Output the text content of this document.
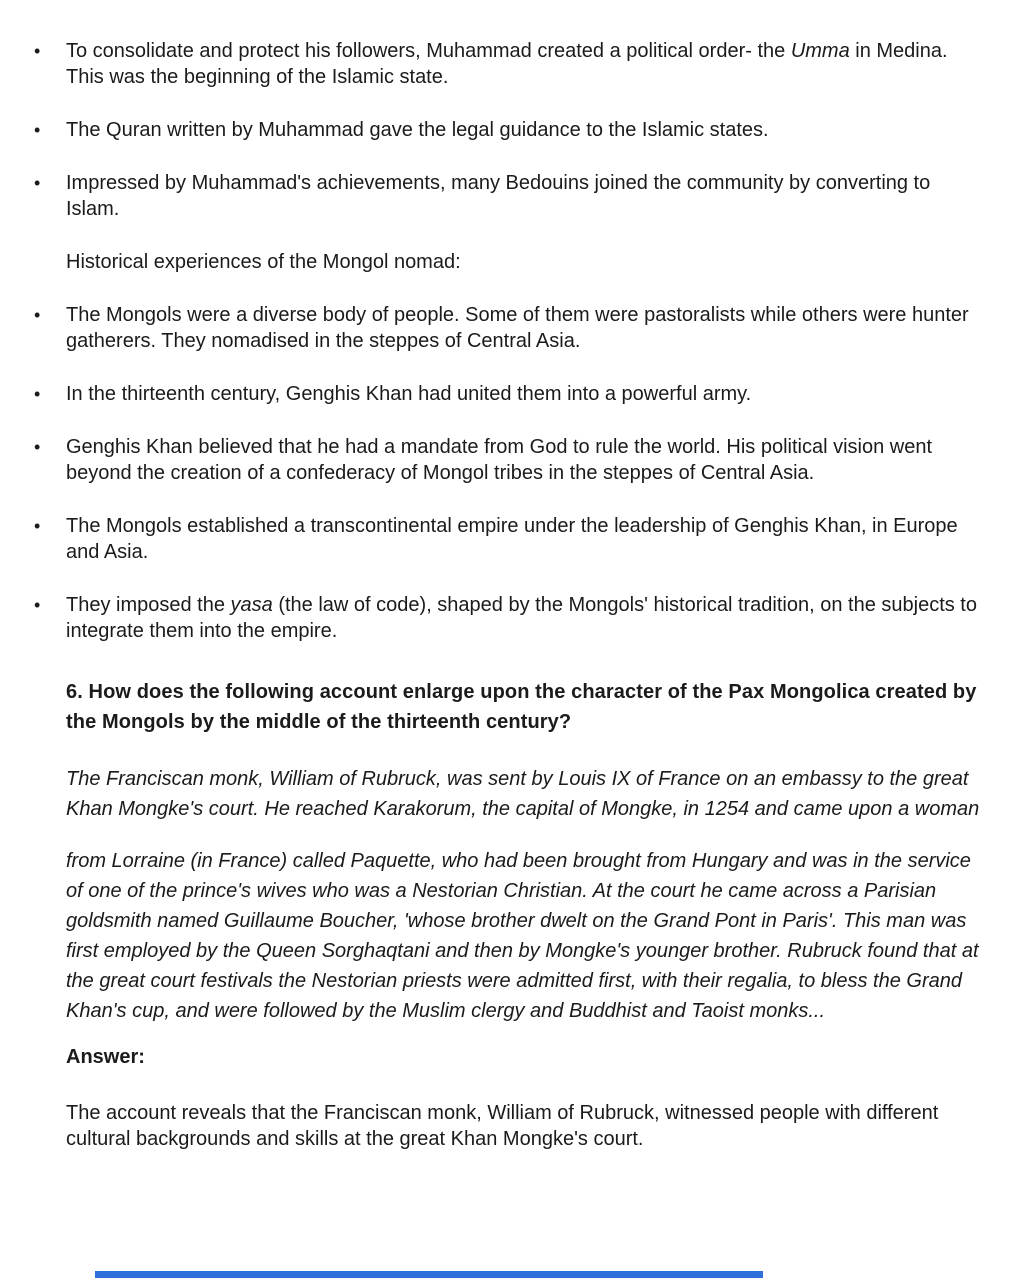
• To consolidate and protect his followers, Muhammad created a political order- the Umma in Medina. This was the beginning of the Islamic state.

• The Quran written by Muhammad gave the legal guidance to the Islamic states.

• Impressed by Muhammad's achievements, many Bedouins joined the community by converting to Islam.

Historical experiences of the Mongol nomad:

• The Mongols were a diverse body of people. Some of them were pastoralists while others were hunter gatherers. They nomadised in the steppes of Central Asia.

• In the thirteenth century, Genghis Khan had united them into a powerful army.

• Genghis Khan believed that he had a mandate from God to rule the world. His political vision went beyond the creation of a confederacy of Mongol tribes in the steppes of Central Asia.

• The Mongols established a transcontinental empire under the leadership of Genghis Khan, in Europe and Asia.

• They imposed the yasa (the law of code), shaped by the Mongols' historical tradition, on the subjects to integrate them into the empire.

6. How does the following account enlarge upon the character of the Pax Mongolica created by the Mongols by the middle of the thirteenth century?

The Franciscan monk, William of Rubruck, was sent by Louis IX of France on an embassy to the great Khan Mongke's court. He reached Karakorum, the capital of Mongke, in 1254 and came upon a woman

from Lorraine (in France) called Paquette, who had been brought from Hungary and was in the service of one of the prince's wives who was a Nestorian Christian. At the court he came across a Parisian goldsmith named Guillaume Boucher, 'whose brother dwelt on the Grand Pont in Paris'. This man was first employed by the Queen Sorghaqtani and then by Mongke's younger brother. Rubruck found that at the great court festivals the Nestorian priests were admitted first, with their regalia, to bless the Grand Khan's cup, and were followed by the Muslim clergy and Buddhist and Taoist monks...

Answer:

The account reveals that the Franciscan monk, William of Rubruck, witnessed people with different cultural backgrounds and skills at the great Khan Mongke's court.
